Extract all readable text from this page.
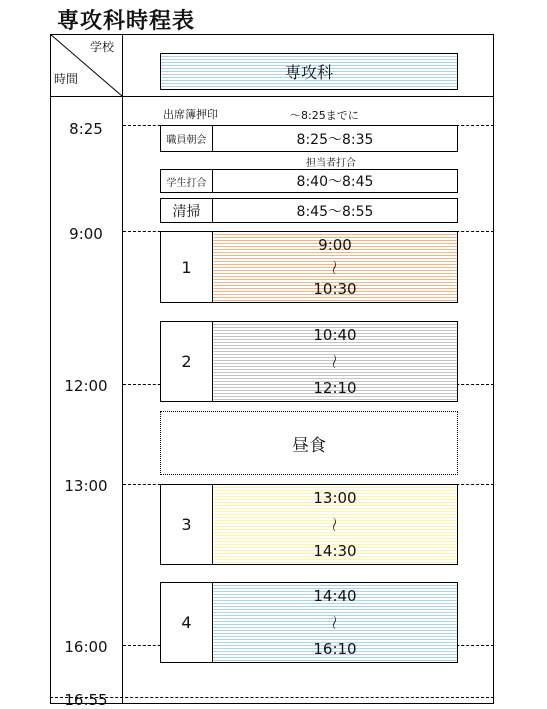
専攻科時程表
学校
時間	専攻科
8:25
9:00
12:00
13:00
16:00
16:55
出席簿押印	～8:25までに
職員朝会	8:25～8:35
担当者打合
学生打合	8:40～8:45
清掃	8:45～8:55
1
9:00
～
10:30
2
10:40
～
12:10
昼食
3
13:00
～
14:30
4
14:40
～
16:10
